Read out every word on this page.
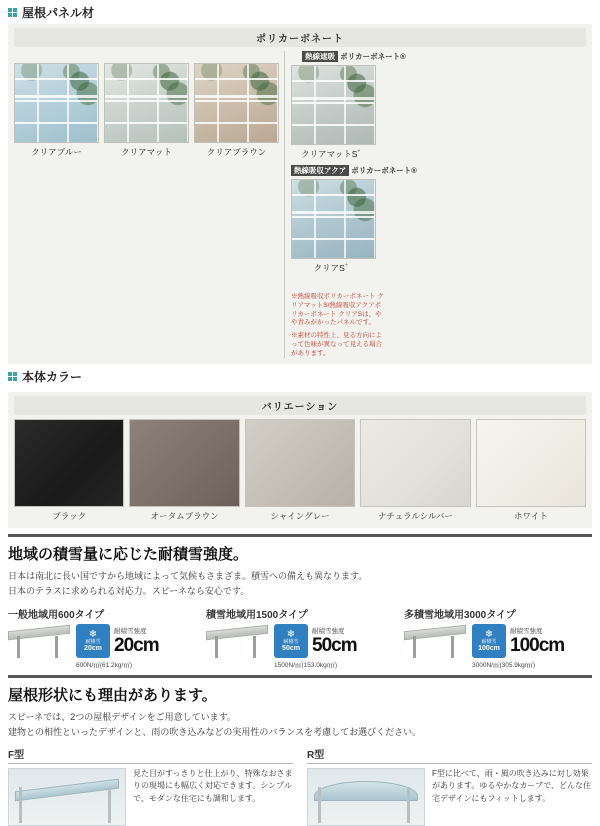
屋根パネル材
ポリカーボネート
クリアブルー	クリアマット	クリアブラウン
熱線遮吸 ポリカーボネート®
クリアマットS゛
熱線吸収アクア ポリカーボネート®
クリアS゛
※熱線吸収ポリカーボネート クリアマットS/熱線吸収アクアポリカーボネート クリアSは、やや青みがかったパネルです。
※素材の特性上、見る方向によって色味が異なって見える場合があります。
本体カラー
バリエーション
ブラック	オータムブラウン	シャイングレー	ナチュラルシルバー	ホワイト
地域の積雪量に応じた耐積雪強度。
日本は南北に長い国ですから地域によって気候もさまざま。積雪への備えも異なります。
日本のテラスに求められる対応力。スピーネなら安心です。
一般地域用600タイプ
❄
耐積雪
20cm
耐積雪強度
20cm
600N/㎡(61.2kg/㎡)
積雪地域用1500タイプ
❄
耐積雪
50cm
耐積雪強度
50cm
1500N/㎡(153.0kg/㎡)
多積雪地域用3000タイプ
❄
耐積雪
100cm
耐積雪強度
100cm
3000N/㎡(305.9kg/㎡)
屋根形状にも理由があります。
スピーネでは、2つの屋根デザインをご用意しています。
建物との相性といったデザインと、雨の吹き込みなどの実用性のバランスを考慮してお選びください。
F型
見た目がすっきりと仕上がり、特殊なおさまりの現場にも幅広く対応できます。シンプルで、モダンな住宅にも調和します。
R型
F型に比べて、雨・風の吹き込みに対し効果があります。ゆるやかなカーブで、どんな住宅デザインにもフィットします。
